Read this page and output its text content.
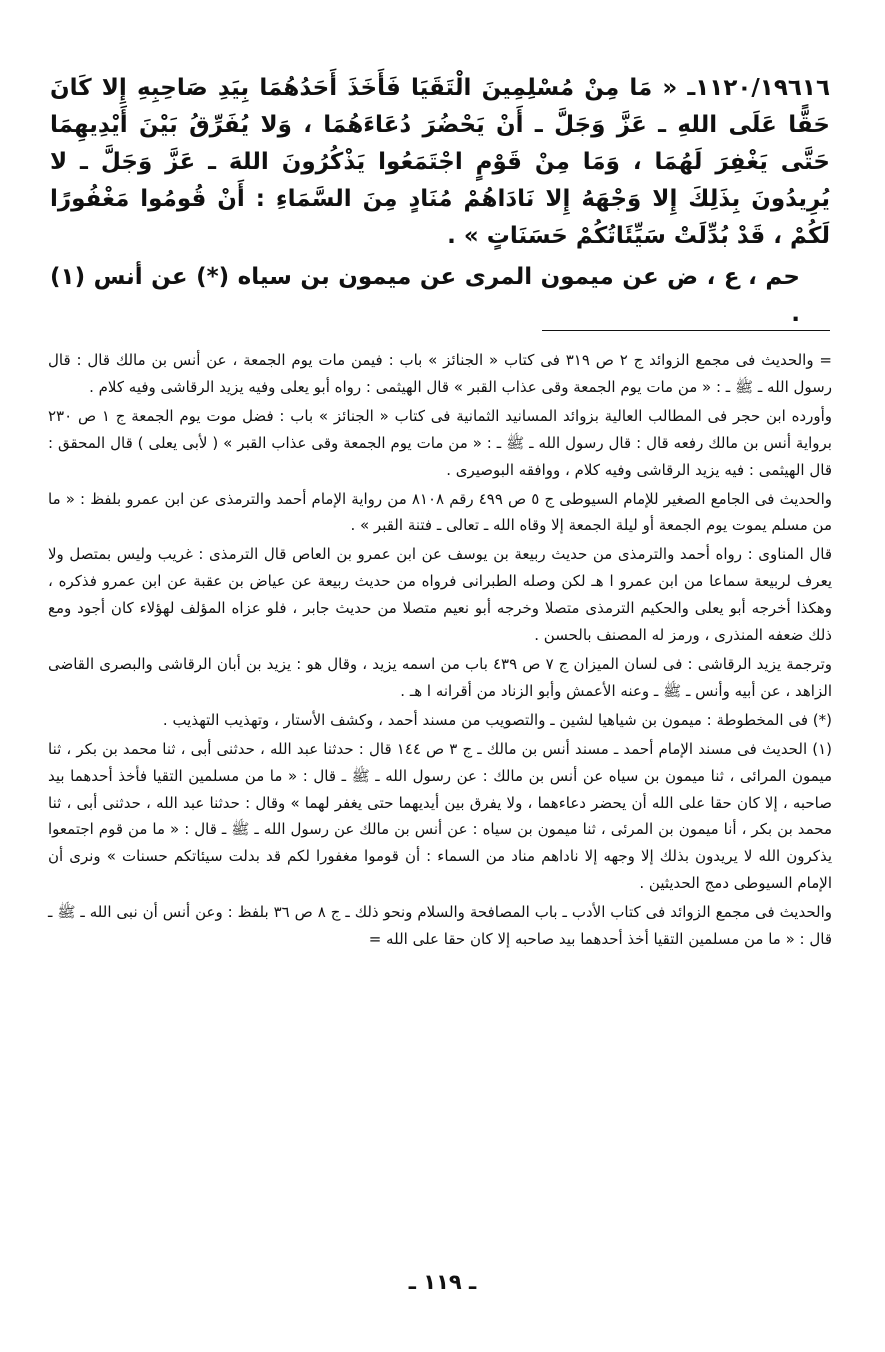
١١٢٠/١٩٦١٦ـ « مَا مِنْ مُسْلِمِينَ الْتَقَيَا فَأَخَذَ أَحَدُهُمَا بِيَدِ صَاحِبِهِ إِلا كَانَ حَقًّا عَلَى اللهِ ـ عَزَّ وَجَلَّ ـ أَنْ يَحْضُرَ دُعَاءَهُمَا ، وَلا يُفَرِّقُ بَيْنَ أَيْدِيهِمَا حَتَّى يَغْفِرَ لَهُمَا ، وَمَا مِنْ قَوْمٍ اجْتَمَعُوا يَذْكُرُونَ اللهَ ـ عَزَّ وَجَلَّ ـ لا يُرِيدُونَ بِذَلِكَ إِلا وَجْهَهُ إِلا نَادَاهُمْ مُنَادٍ مِنَ السَّمَاءِ : أَنْ قُومُوا مَغْفُورًا لَكُمْ ، قَدْ بُدِّلَتْ سَيِّئَاتُكُمْ حَسَنَاتٍ » .

حم ، ع ، ض عن ميمون المرى عن ميمون بن سياه (*) عن أنس (١) .

= والحديث فى مجمع الزوائد ج ٢ ص ٣١٩ فى كتاب « الجنائز » باب : فيمن مات يوم الجمعة ، عن أنس بن مالك قال : قال رسول الله ـ ﷺ ـ : « من مات يوم الجمعة وقى عذاب القبر » قال الهيثمى : رواه أبو يعلى وفيه يزيد الرقاشى وفيه كلام .

وأورده ابن حجر فى المطالب العالية بزوائد المسانيد الثمانية فى كتاب « الجنائز » باب : فضل موت يوم الجمعة ج ١ ص ٢٣٠ برواية أنس بن مالك رفعه قال : قال رسول الله ـ ﷺ ـ : « من مات يوم الجمعة وقى عذاب القبر » ( لأبى يعلى ) قال المحقق : قال الهيثمى : فيه يزيد الرقاشى وفيه كلام ، ووافقه البوصيرى .

والحديث فى الجامع الصغير للإمام السيوطى ج ٥ ص ٤٩٩ رقم ٨١٠٨ من رواية الإمام أحمد والترمذى عن ابن عمرو بلفظ : « ما من مسلم يموت يوم الجمعة أو ليلة الجمعة إلا وقاه الله ـ تعالى ـ فتنة القبر » .

قال المناوى : رواه أحمد والترمذى من حديث ربيعة بن يوسف عن ابن عمرو بن العاص قال الترمذى : غريب وليس بمتصل ولا يعرف لربيعة سماعا من ابن عمرو ا هـ لكن وصله الطبرانى فرواه من حديث ربيعة عن عياض بن عقبة عن ابن عمرو فذكره ، وهكذا أخرجه أبو يعلى والحكيم الترمذى متصلا وخرجه أبو نعيم متصلا من حديث جابر ، فلو عزاه المؤلف لهؤلاء كان أجود ومع ذلك ضعفه المنذرى ، ورمز له المصنف بالحسن .

وترجمة يزيد الرقاشى : فى لسان الميزان ج ٧ ص ٤٣٩ باب من اسمه يزيد ، وقال هو : يزيد بن أبان الرقاشى والبصرى القاضى الزاهد ، عن أبيه وأنس ـ ﷺ ـ وعنه الأعمش وأبو الزناد من أقرانه ا هـ .

(*) فى المخطوطة : ميمون بن شياهيا لشين ـ والتصويب من مسند أحمد ، وكشف الأستار ، وتهذيب التهذيب .

(١) الحديث فى مسند الإمام أحمد ـ مسند أنس بن مالك ـ ج ٣ ص ١٤٤ قال : حدثنا عبد الله ، حدثنى أبى ، ثنا محمد بن بكر ، ثنا ميمون المرائى ، ثنا ميمون بن سياه عن أنس بن مالك : عن رسول الله ـ ﷺ ـ قال : « ما من مسلمين التقيا فأخذ أحدهما بيد صاحبه ، إلا كان حقا على الله أن يحضر دعاءهما ، ولا يفرق بين أيديهما حتى يغفر لهما » وقال : حدثنا عبد الله ، حدثنى أبى ، ثنا محمد بن بكر ، أنا ميمون بن المرئى ، ثنا ميمون بن سياه : عن أنس بن مالك عن رسول الله ـ ﷺ ـ قال : « ما من قوم اجتمعوا يذكرون الله لا يريدون بذلك إلا وجهه إلا ناداهم مناد من السماء : أن قوموا مغفورا لكم قد بدلت سيئاتكم حسنات » ونرى أن الإمام السيوطى دمج الحديثين .

والحديث فى مجمع الزوائد فى كتاب الأدب ـ باب المصافحة والسلام ونحو ذلك ـ ج ٨ ص ٣٦ بلفظ : وعن أنس أن نبى الله ـ ﷺ ـ قال : « ما من مسلمين التقيا أخذ أحدهما بيد صاحبه إلا كان حقا على الله =

ـ ١١٩ ـ
